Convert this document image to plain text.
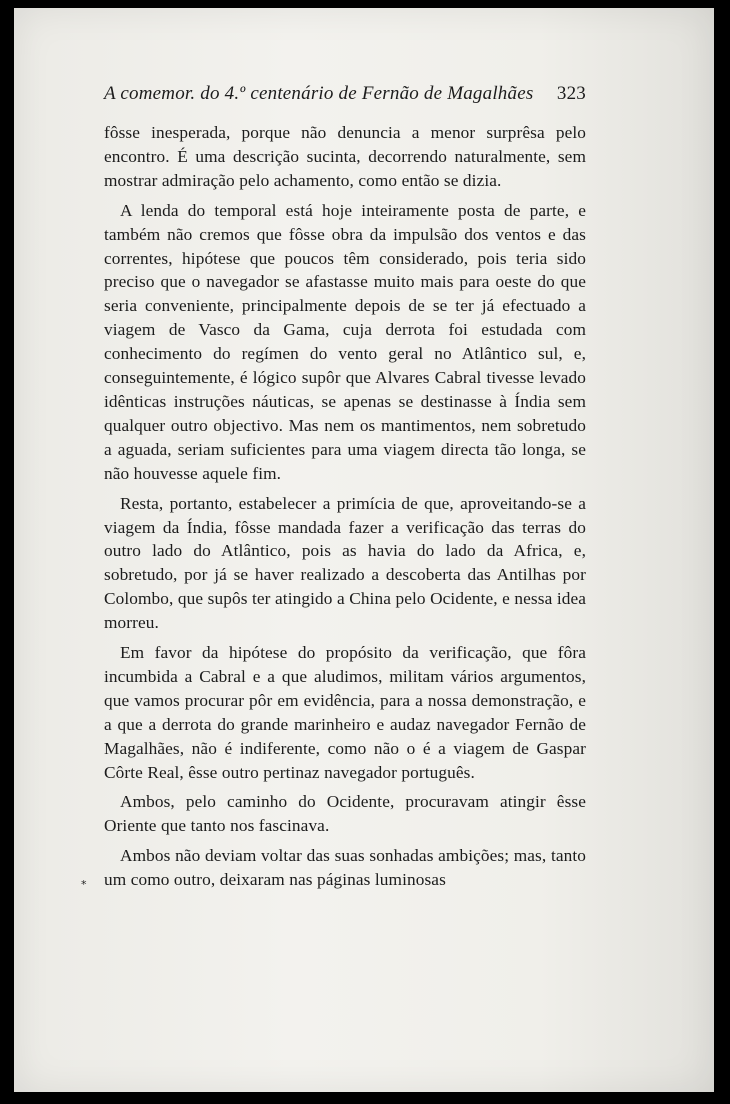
A comemor. do 4.º centenário de Fernão de Magalhães 323

fôsse inesperada, porque não denuncia a menor surprêsa pelo encontro. É uma descrição sucinta, decorrendo naturalmente, sem mostrar admiração pelo achamento, como então se dizia.

A lenda do temporal está hoje inteiramente posta de parte, e também não cremos que fôsse obra da impulsão dos ventos e das correntes, hipótese que poucos têm considerado, pois teria sido preciso que o navegador se afastasse muito mais para oeste do que seria conveniente, principalmente depois de se ter já efectuado a viagem de Vasco da Gama, cuja derrota foi estudada com conhecimento do regímen do vento geral no Atlântico sul, e, conseguintemente, é lógico supôr que Alvares Cabral tivesse levado idênticas instruções náuticas, se apenas se destinasse à Índia sem qualquer outro objectivo. Mas nem os mantimentos, nem sobretudo a aguada, seriam suficientes para uma viagem directa tão longa, se não houvesse aquele fim.

Resta, portanto, estabelecer a primícia de que, aproveitando-se a viagem da Índia, fôsse mandada fazer a verificação das terras do outro lado do Atlântico, pois as havia do lado da Africa, e, sobretudo, por já se haver realizado a descoberta das Antilhas por Colombo, que supôs ter atingido a China pelo Ocidente, e nessa idea morreu.

Em favor da hipótese do propósito da verificação, que fôra incumbida a Cabral e a que aludimos, militam vários argumentos, que vamos procurar pôr em evidência, para a nossa demonstração, e a que a derrota do grande marinheiro e audaz navegador Fernão de Magalhães, não é indiferente, como não o é a viagem de Gaspar Côrte Real, êsse outro pertinaz navegador português.

Ambos, pelo caminho do Ocidente, procuravam atingir êsse Oriente que tanto nos fascinava.

Ambos não deviam voltar das suas sonhadas ambições; mas, tanto um como outro, deixaram nas páginas luminosas

*
